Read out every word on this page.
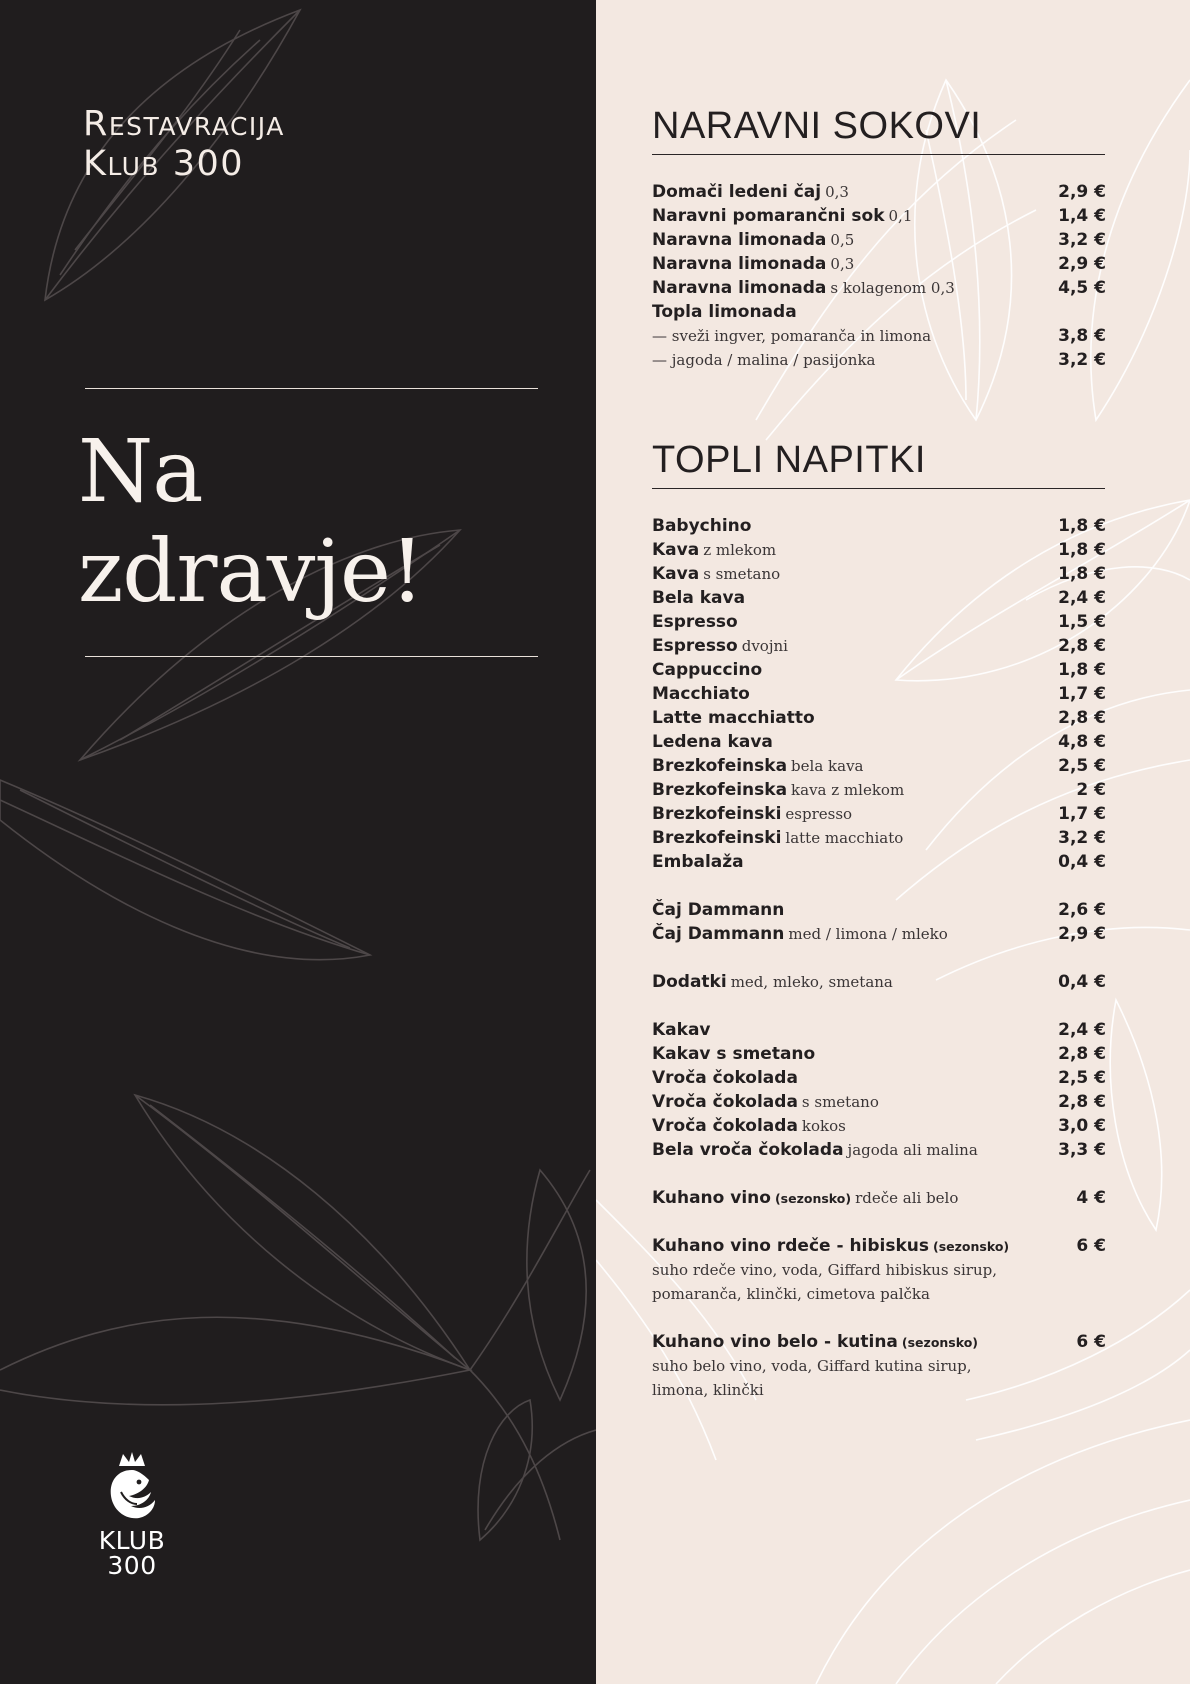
Restavracija
Klub 300
Na
zdravje!
KLUB
300
NARAVNI SOKOVI
Domači ledeni čaj 0,3	2,9 €
Naravni pomarančni sok 0,1	1,4 €
Naravna limonada 0,5	3,2 €
Naravna limonada 0,3	2,9 €
Naravna limonada s kolagenom 0,3	4,5 €
Topla limonada
— sveži ingver, pomaranča in limona	3,8 €
— jagoda / malina / pasijonka	3,2 €
TOPLI NAPITKI
Babychino	1,8 €
Kava z mlekom	1,8 €
Kava s smetano	1,8 €
Bela kava	2,4 €
Espresso	1,5 €
Espresso dvojni	2,8 €
Cappuccino	1,8 €
Macchiato	1,7 €
Latte macchiatto	2,8 €
Ledena kava	4,8 €
Brezkofeinska bela kava	2,5 €
Brezkofeinska kava z mlekom	2 €
Brezkofeinski espresso	1,7 €
Brezkofeinski latte macchiato	3,2 €
Embalaža	0,4 €
Čaj Dammann	2,6 €
Čaj Dammann med / limona / mleko	2,9 €
Dodatki med, mleko, smetana	0,4 €
Kakav	2,4 €
Kakav s smetano	2,8 €
Vroča čokolada	2,5 €
Vroča čokolada s smetano	2,8 €
Vroča čokolada kokos	3,0 €
Bela vroča čokolada jagoda ali malina	3,3 €
Kuhano vino (sezonsko) rdeče ali belo	4 €
Kuhano vino rdeče - hibiskus (sezonsko)	6 €
suho rdeče vino, voda, Giffard hibiskus sirup,
pomaranča, klinčki, cimetova palčka
Kuhano vino belo - kutina (sezonsko)	6 €
suho belo vino, voda, Giffard kutina sirup,
limona, klinčki
